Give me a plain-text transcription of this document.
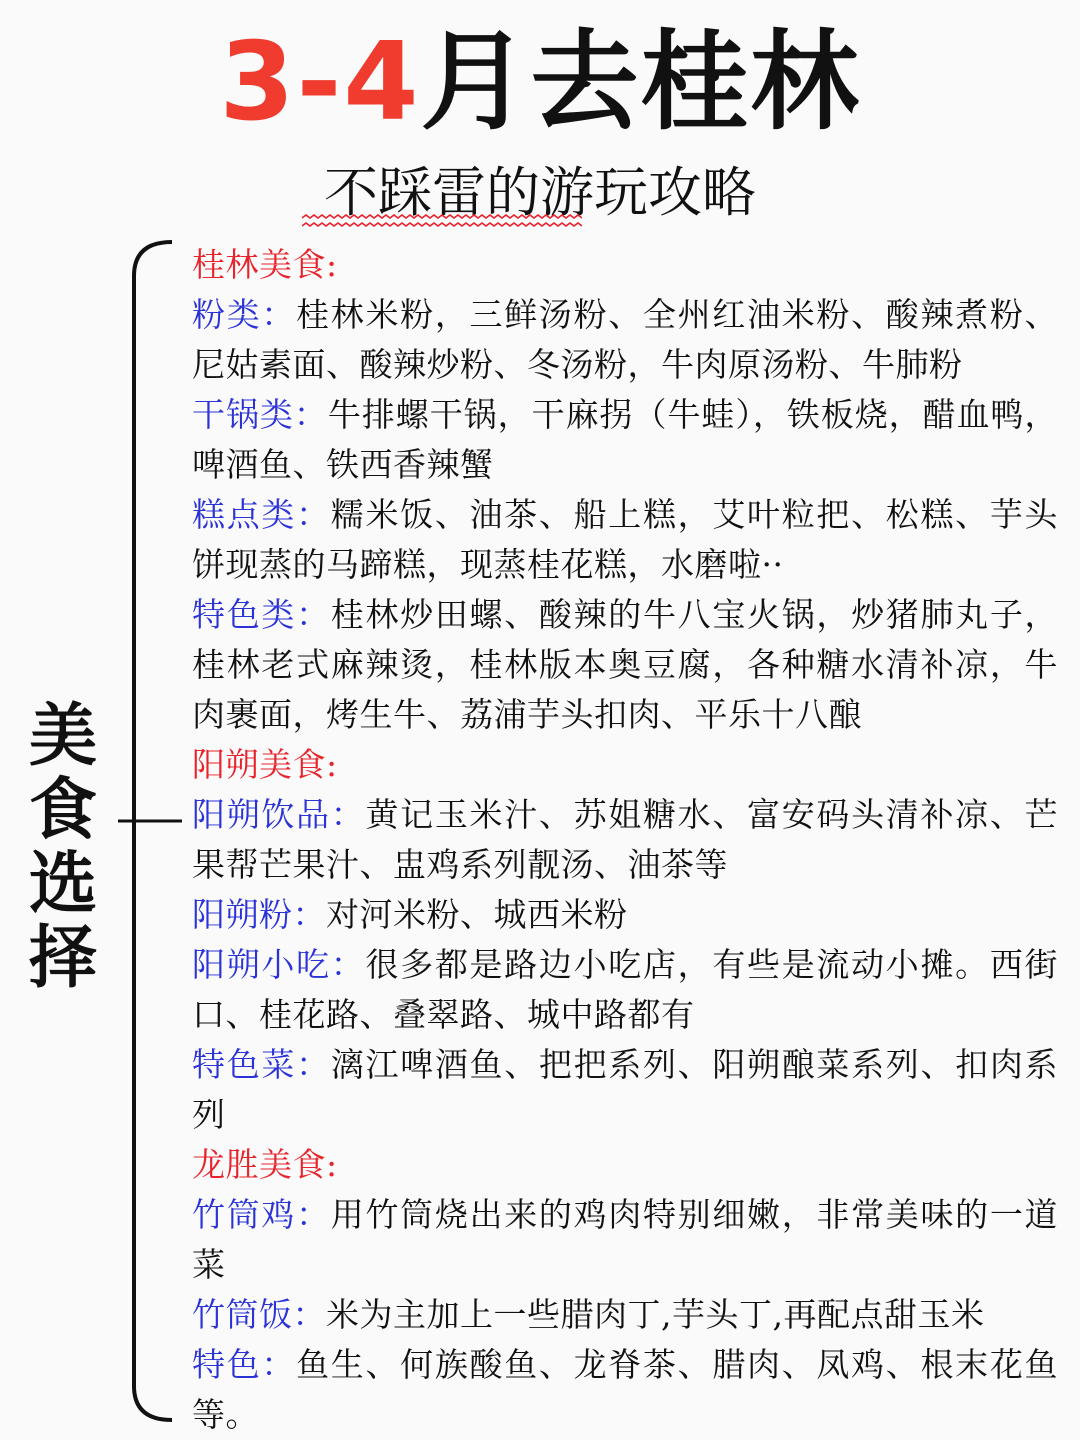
3-4月去桂林
不踩雷的游玩攻略
美食选择

桂林美食:

粉类：桂林米粉，三鲜汤粉、全州红油米粉、酸辣煮粉、尼姑素面、酸辣炒粉、冬汤粉，牛肉原汤粉、牛肺粉

干锅类：牛排螺干锅，干麻拐（牛蛙），铁板烧，醋血鸭，啤酒鱼、铁西香辣蟹

糕点类：糯米饭、油茶、船上糕，艾叶粒把、松糕、芋头饼现蒸的马蹄糕，现蒸桂花糕，水磨啦··

特色类：桂林炒田螺、酸辣的牛八宝火锅，炒猪肺丸子，桂林老式麻辣烫，桂林版本奥豆腐，各种糖水清补凉，牛肉裹面，烤生牛、荔浦芋头扣肉、平乐十八酿

阳朔美食:

阳朔饮品：黄记玉米汁、苏姐糖水、富安码头清补凉、芒果帮芒果汁、盅鸡系列靓汤、油茶等

阳朔粉：对河米粉、城西米粉

阳朔小吃：很多都是路边小吃店，有些是流动小摊。西街口、桂花路、叠翠路、城中路都有

特色菜：漓江啤酒鱼、把把系列、阳朔酿菜系列、扣肉系列

龙胜美食:

竹筒鸡：用竹筒烧出来的鸡肉特别细嫩，非常美味的一道菜

竹筒饭：米为主加上一些腊肉丁,芋头丁,再配点甜玉米

特色：鱼生、何族酸鱼、龙脊茶、腊肉、凤鸡、根末花鱼等。
